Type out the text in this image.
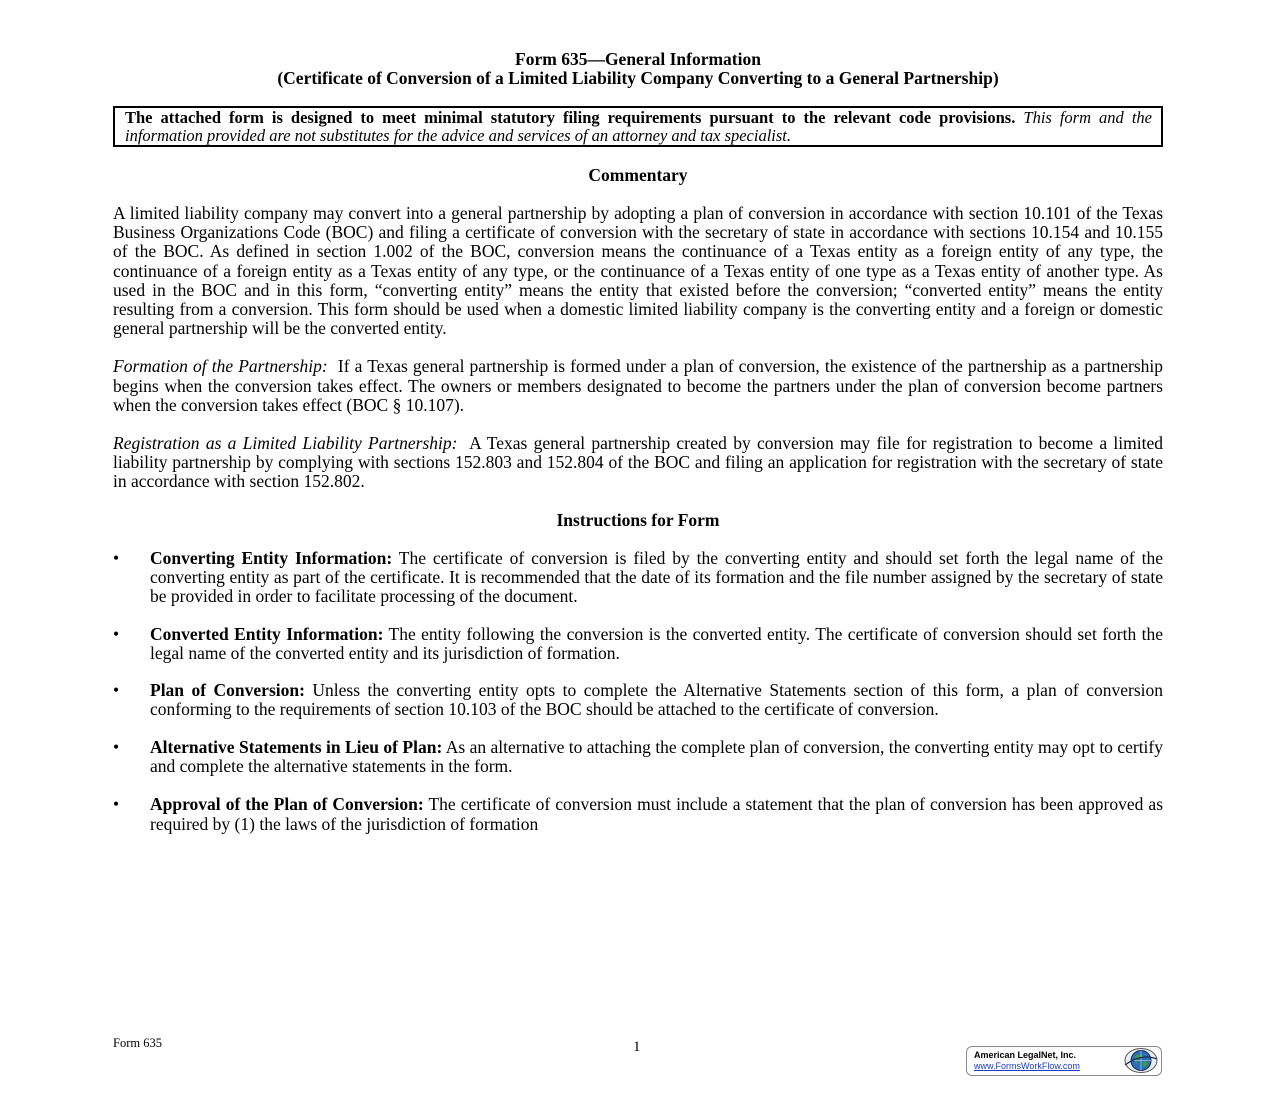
Form 635—General Information
(Certificate of Conversion of a Limited Liability Company Converting to a General Partnership)
The attached form is designed to meet minimal statutory filing requirements pursuant to the relevant code provisions. This form and the information provided are not substitutes for the advice and services of an attorney and tax specialist.
Commentary

A limited liability company may convert into a general partnership by adopting a plan of conversion in accordance with section 10.101 of the Texas Business Organizations Code (BOC) and filing a certificate of conversion with the secretary of state in accordance with sections 10.154 and 10.155 of the BOC. As defined in section 1.002 of the BOC, conversion means the continuance of a Texas entity as a foreign entity of any type, the continuance of a foreign entity as a Texas entity of any type, or the continuance of a Texas entity of one type as a Texas entity of another type. As used in the BOC and in this form, “converting entity” means the entity that existed before the conversion; “converted entity” means the entity resulting from a conversion. This form should be used when a domestic limited liability company is the converting entity and a foreign or domestic general partnership will be the converted entity.

Formation of the Partnership: If a Texas general partnership is formed under a plan of conversion, the existence of the partnership as a partnership begins when the conversion takes effect. The owners or members designated to become the partners under the plan of conversion become partners when the conversion takes effect (BOC § 10.107).

Registration as a Limited Liability Partnership: A Texas general partnership created by conversion may file for registration to become a limited liability partnership by complying with sections 152.803 and 152.804 of the BOC and filing an application for registration with the secretary of state in accordance with section 152.802.

Instructions for Form
• Converting Entity Information: The certificate of conversion is filed by the converting entity and should set forth the legal name of the converting entity as part of the certificate. It is recommended that the date of its formation and the file number assigned by the secretary of state be provided in order to facilitate processing of the document.
• Converted Entity Information: The entity following the conversion is the converted entity. The certificate of conversion should set forth the legal name of the converted entity and its jurisdiction of formation.
• Plan of Conversion: Unless the converting entity opts to complete the Alternative Statements section of this form, a plan of conversion conforming to the requirements of section 10.103 of the BOC should be attached to the certificate of conversion.
• Alternative Statements in Lieu of Plan: As an alternative to attaching the complete plan of conversion, the converting entity may opt to certify and complete the alternative statements in the form.
• Approval of the Plan of Conversion: The certificate of conversion must include a statement that the plan of conversion has been approved as required by (1) the laws of the jurisdiction of formation
Form 635	1	American LegalNet, Inc.
www.FormsWorkFlow.com
